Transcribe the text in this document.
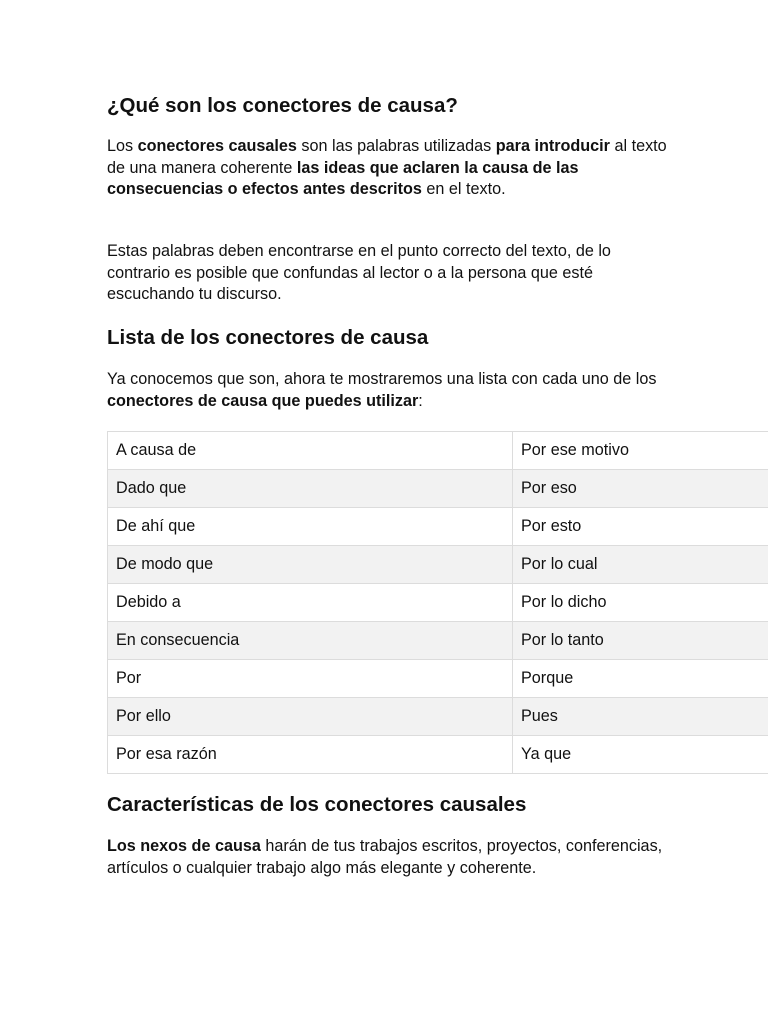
¿Qué son los conectores de causa?

Los conectores causales son las palabras utilizadas para introducir al texto de una manera coherente las ideas que aclaren la causa de las consecuencias o efectos antes descritos en el texto.

Estas palabras deben encontrarse en el punto correcto del texto, de lo contrario es posible que confundas al lector o a la persona que esté escuchando tu discurso.

Lista de los conectores de causa

Ya conocemos que son, ahora te mostraremos una lista con cada uno de los conectores de causa que puedes utilizar:

A causa de	Por ese motivo
Dado que	Por eso
De ahí que	Por esto
De modo que	Por lo cual
Debido a	Por lo dicho
En consecuencia	Por lo tanto
Por	Porque
Por ello	Pues
Por esa razón	Ya que
Características de los conectores causales

Los nexos de causa harán de tus trabajos escritos, proyectos, conferencias, artículos o cualquier trabajo algo más elegante y coherente.
